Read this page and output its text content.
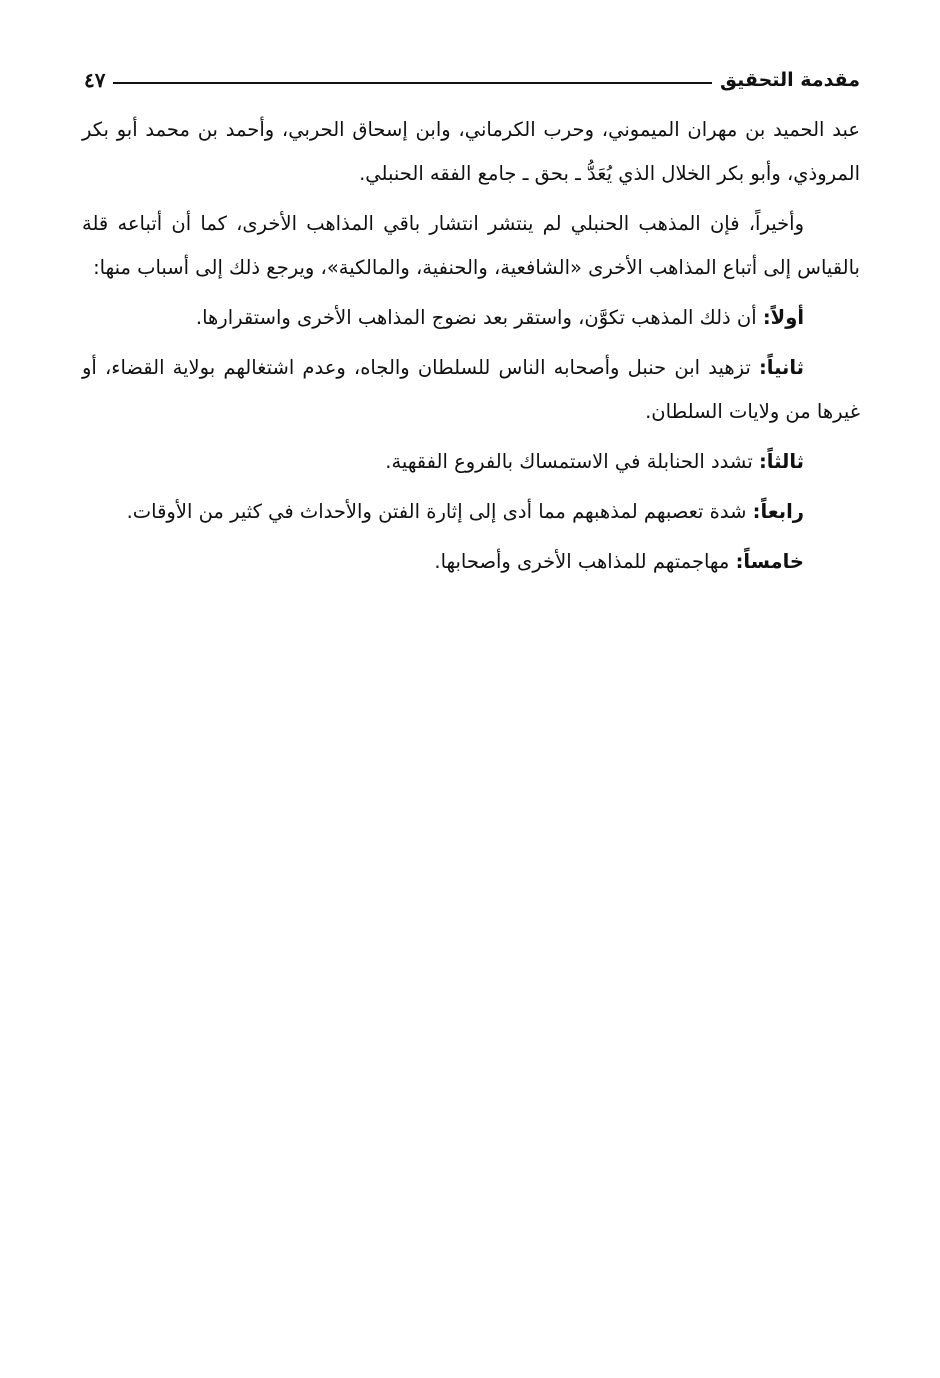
٤٧	مقدمة التحقيق

عبد الحميد بن مهران الميموني، وحرب الكرماني، وابن إسحاق الحربي، وأحمد بن محمد أبو بكر المروذي، وأبو بكر الخلال الذي يُعَدُّ ـ بحق ـ جامع الفقه الحنبلي.

وأخيراً، فإن المذهب الحنبلي لم ينتشر انتشار باقي المذاهب الأخرى، كما أن أتباعه قلة بالقياس إلى أتباع المذاهب الأخرى «الشافعية، والحنفية، والمالكية»، ويرجع ذلك إلى أسباب منها:

أولاً: أن ذلك المذهب تكوَّن، واستقر بعد نضوج المذاهب الأخرى واستقرارها.

ثانياً: تزهيد ابن حنبل وأصحابه الناس للسلطان والجاه، وعدم اشتغالهم بولاية القضاء، أو غيرها من ولايات السلطان.

ثالثاً: تشدد الحنابلة في الاستمساك بالفروع الفقهية.

رابعاً: شدة تعصبهم لمذهبهم مما أدى إلى إثارة الفتن والأحداث في كثير من الأوقات.

خامساً: مهاجمتهم للمذاهب الأخرى وأصحابها.
